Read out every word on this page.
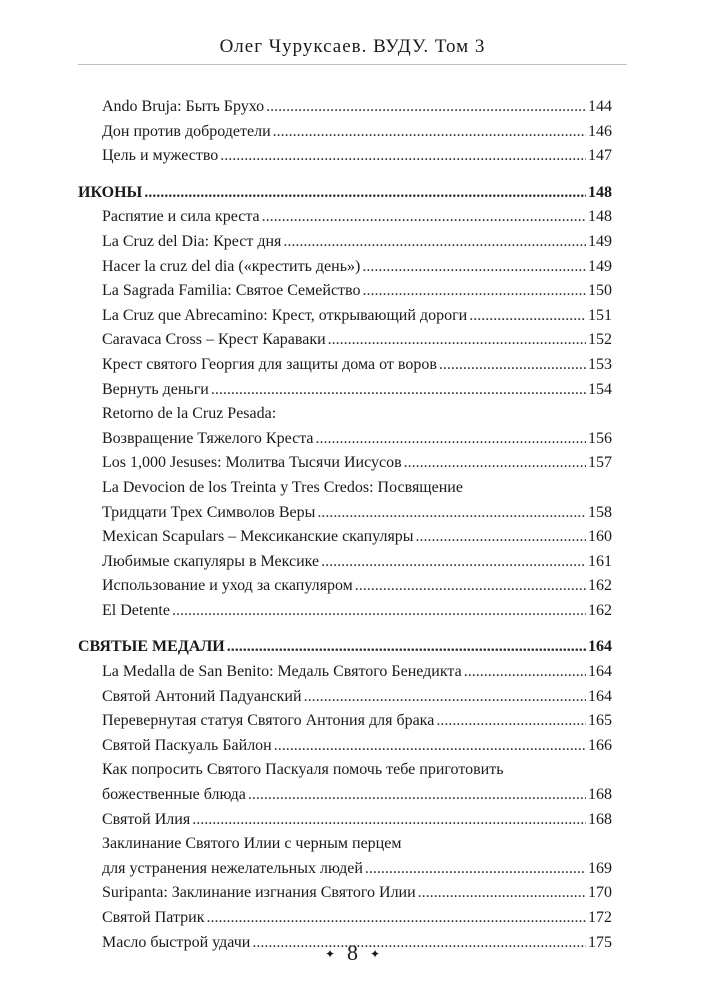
Олег Чуруксаев. ВУДУ. Том 3
Ando Bruja: Быть Брухо .....	144
Дон против добродетели .....	146
Цель и мужество .....	147
ИКОНЫ .....	148
Распятие и сила креста .....	148
La Cruz del Dia: Крест дня .....	149
Hacer la cruz del dia («крестить день») .....	149
La Sagrada Familia: Святое Семейство .....	150
La Cruz que Abrecamino: Крест, открывающий дороги .....	151
Caravaca Cross – Крест Караваки .....	152
Крест святого Георгия для защиты дома от воров .....	153
Вернуть деньги .....	154
Retorno de la Cruz Pesada:
Возвращение Тяжелого Креста .....	156
Los 1,000 Jesuses: Молитва Тысячи Иисусов .....	157
La Devocion de los Treinta y Tres Credos: Посвящение
Тридцати Трех Символов Веры .....	158
Mexican Scapulars – Мексиканские скапуляры .....	160
Любимые скапуляры в Мексике .....	161
Использование и уход за скапуляром .....	162
El Detente .....	162
СВЯТЫЕ МЕДАЛИ .....	164
La Medalla de San Benito: Медаль Святого Бенедикта .....	164
Святой Антоний Падуанский .....	164
Перевернутая статуя Святого Антония для брака .....	165
Святой Паскуаль Байлон .....	166
Как попросить Святого Паскуаля помочь тебе приготовить
божественные блюда .....	168
Святой Илия .....	168
Заклинание Святого Илии с черным перцем
для устранения нежелательных людей .....	169
Suripanta: Заклинание изгнания Святого Илии .....	170
Святой Патрик .....	172
Масло быстрой удачи .....	175
✦ 8 ✦
